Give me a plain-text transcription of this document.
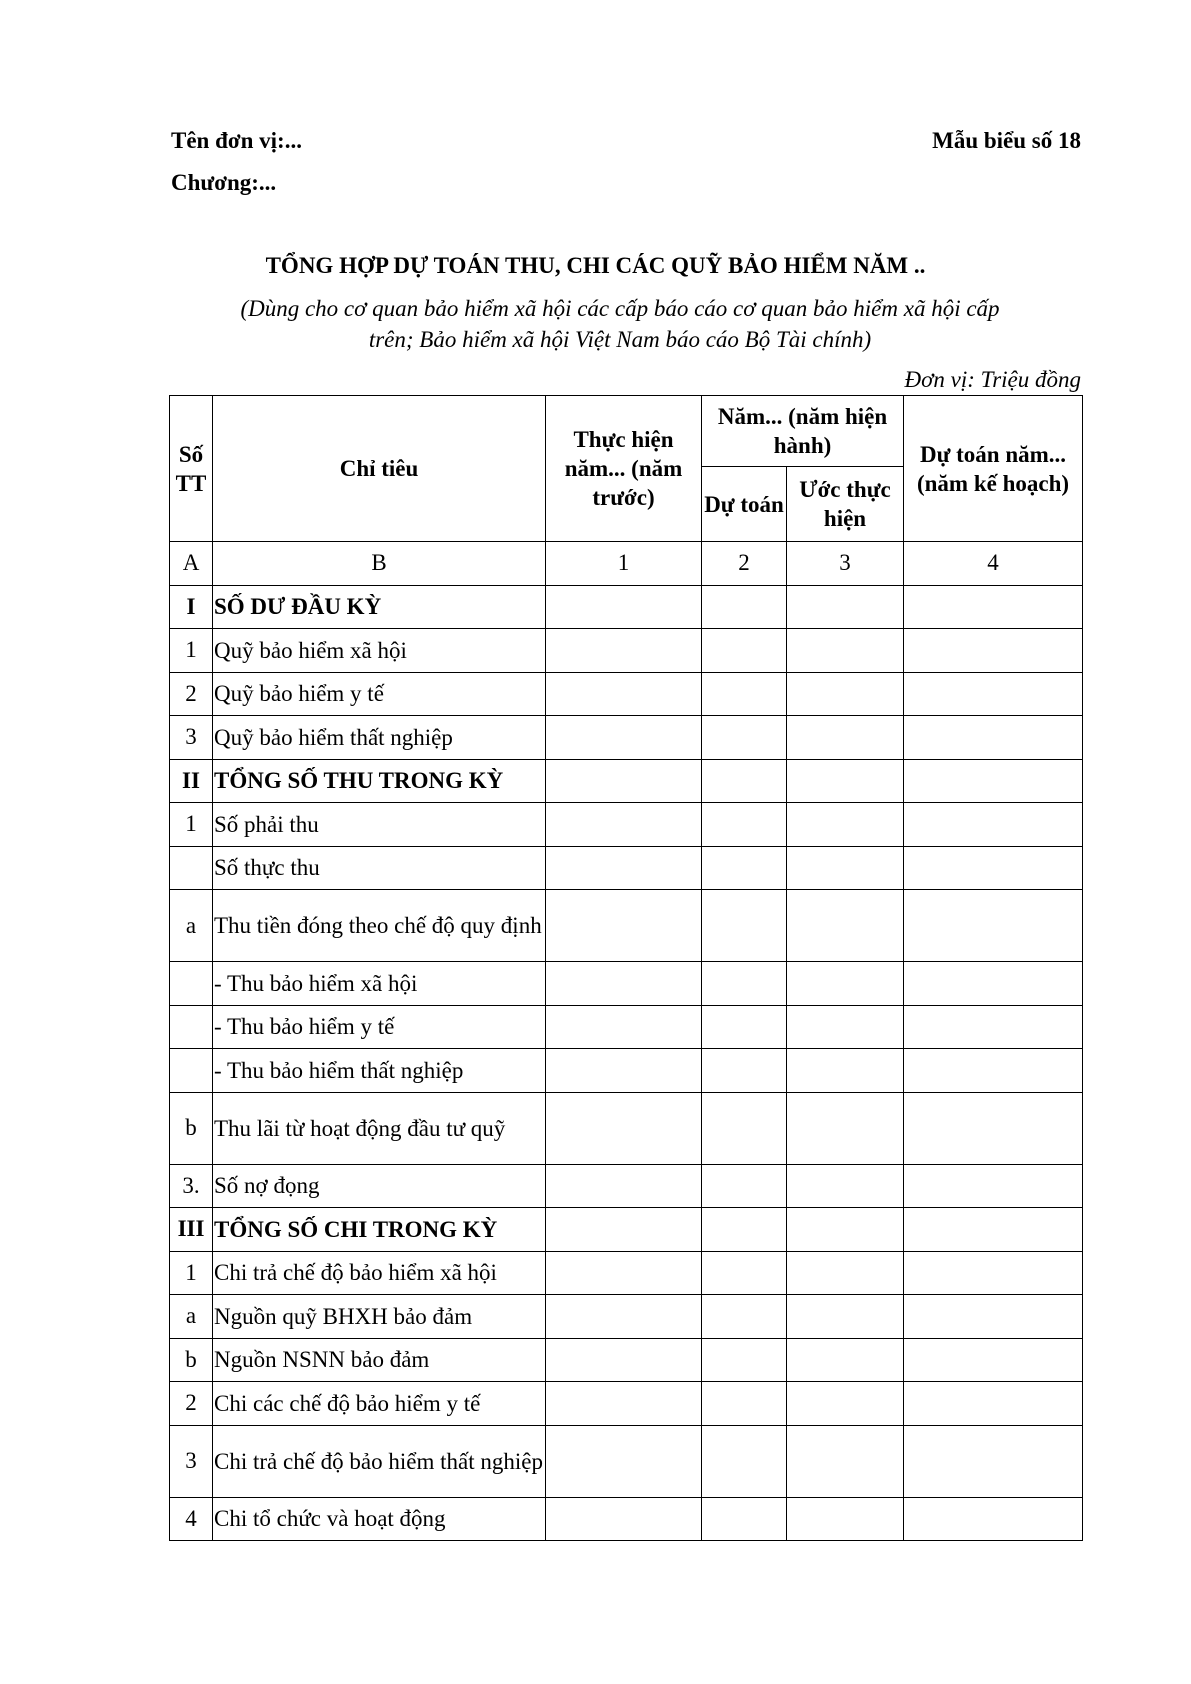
Tên đơn vị:...
Chương:...
Mẫu biểu số 18
TỔNG HỢP DỰ TOÁN THU, CHI CÁC QUỸ BẢO HIỂM NĂM ..
(Dùng cho cơ quan bảo hiểm xã hội các cấp báo cáo cơ quan bảo hiểm xã hội cấp
trên; Bảo hiểm xã hội Việt Nam báo cáo Bộ Tài chính)
Đơn vị: Triệu đồng
Số TT	Chỉ tiêu	Thực hiện năm... (năm trước)	Năm... (năm hiện hành)		Dự toán năm... (năm kế hoạch)
			Dự toán	Ước thực hiện	
A	B	1	2	3	4
I	SỐ DƯ ĐẦU KỲ				
1	Quỹ bảo hiểm xã hội				
2	Quỹ bảo hiểm y tế				
3	Quỹ bảo hiểm thất nghiệp				
II	TỔNG SỐ THU TRONG KỲ				
1	Số phải thu				
	Số thực thu				
a	Thu tiền đóng theo chế độ quy định				
	- Thu bảo hiểm xã hội				
	- Thu bảo hiểm y tế				
	- Thu bảo hiểm thất nghiệp				
b	Thu lãi từ hoạt động đầu tư quỹ				
3.	Số nợ đọng				
III	TỔNG SỐ CHI TRONG KỲ				
1	Chi trả chế độ bảo hiểm xã hội				
a	Nguồn quỹ BHXH bảo đảm				
b	Nguồn NSNN bảo đảm				
2	Chi các chế độ bảo hiểm y tế				
3	Chi trả chế độ bảo hiểm thất nghiệp				
4	Chi tổ chức và hoạt động				
